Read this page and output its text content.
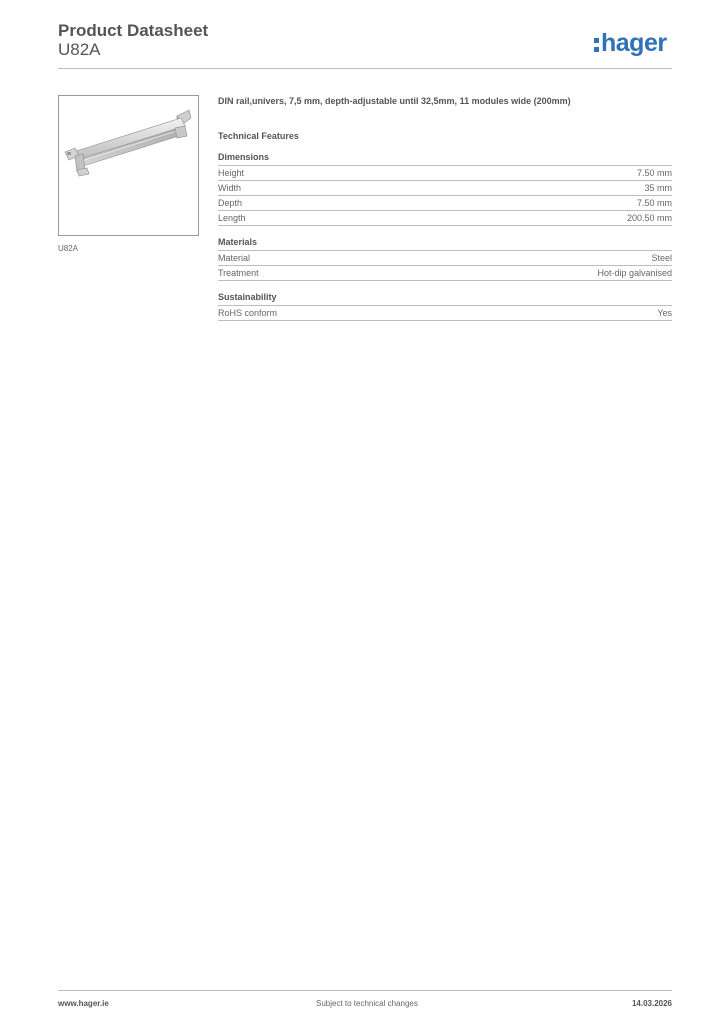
Product Datasheet
U82A	hager
U82A

DIN rail,univers, 7,5 mm, depth-adjustable until 32,5mm, 11 modules wide (200mm)

Technical Features
Dimensions
Height	7.50 mm
Width	35 mm
Depth	7.50 mm
Length	200.50 mm
Materials
Material	Steel
Treatment	Hot-dip galvanised
Sustainability
RoHS conform	Yes
www.hager.ie	Subject to technical changes	14.03.2026
